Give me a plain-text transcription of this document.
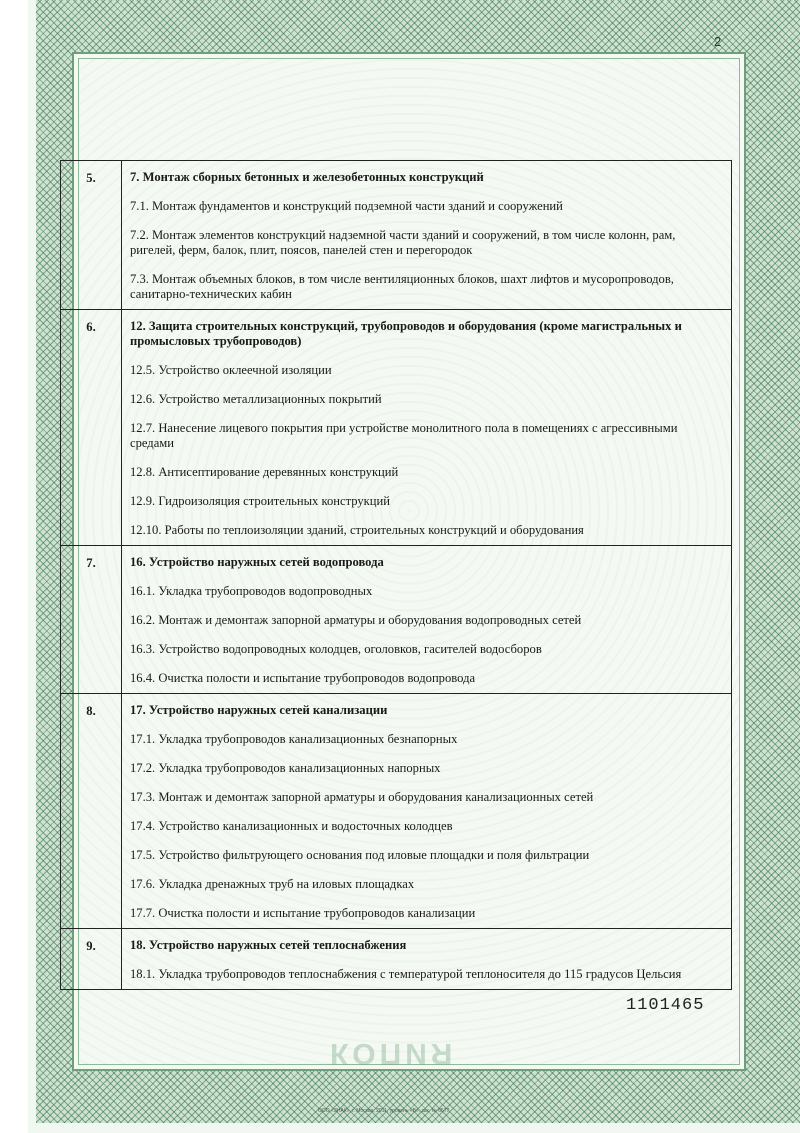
2
5.	7. Монтаж сборных бетонных и железобетонных конструкций

	7.1. Монтаж фундаментов и конструкций подземной части зданий и сооружений

	7.2. Монтаж элементов конструкций надземной части зданий и сооружений, в том числе колонн, рам, ригелей, ферм, балок, плит, поясов, панелей стен и перегородок

	7.3. Монтаж объемных блоков, в том числе вентиляционных блоков, шахт лифтов и мусоропроводов, санитарно-технических кабин

6.	12. Защита строительных конструкций, трубопроводов и оборудования (кроме магистральных и промысловых трубопроводов)

	12.5. Устройство оклеечной изоляции

	12.6. Устройство металлизационных покрытий

	12.7. Нанесение лицевого покрытия при устройстве монолитного пола в помещениях с агрессивными средами

	12.8. Антисептирование деревянных конструкций

	12.9. Гидроизоляция строительных конструкций

	12.10. Работы по теплоизоляции зданий, строительных конструкций и оборудования

7.	16. Устройство наружных сетей водопровода

	16.1. Укладка трубопроводов водопроводных

	16.2. Монтаж и демонтаж запорной арматуры и оборудования водопроводных сетей

	16.3. Устройство водопроводных колодцев, оголовков, гасителей водосборов

	16.4. Очистка полости и испытание трубопроводов водопровода

8.	17. Устройство наружных сетей канализации

	17.1. Укладка трубопроводов канализационных безнапорных

	17.2. Укладка трубопроводов канализационных напорных

	17.3. Монтаж и демонтаж запорной арматуры и оборудования канализационных сетей

	17.4. Устройство канализационных и водосточных колодцев

	17.5. Устройство фильтрующего основания под иловые площадки и поля фильтрации

	17.6. Укладка дренажных труб на иловых площадках

	17.7. Очистка полости и испытание трубопроводов канализации

9.	18. Устройство наружных сетей теплоснабжения

	18.1. Укладка трубопроводов теплоснабжения с температурой теплоносителя до 115 градусов Цельсия
1101465
КОПИЯ
ООО «ЗНАК», г. Москва, 2011, уровень «В», зак. № 6577
